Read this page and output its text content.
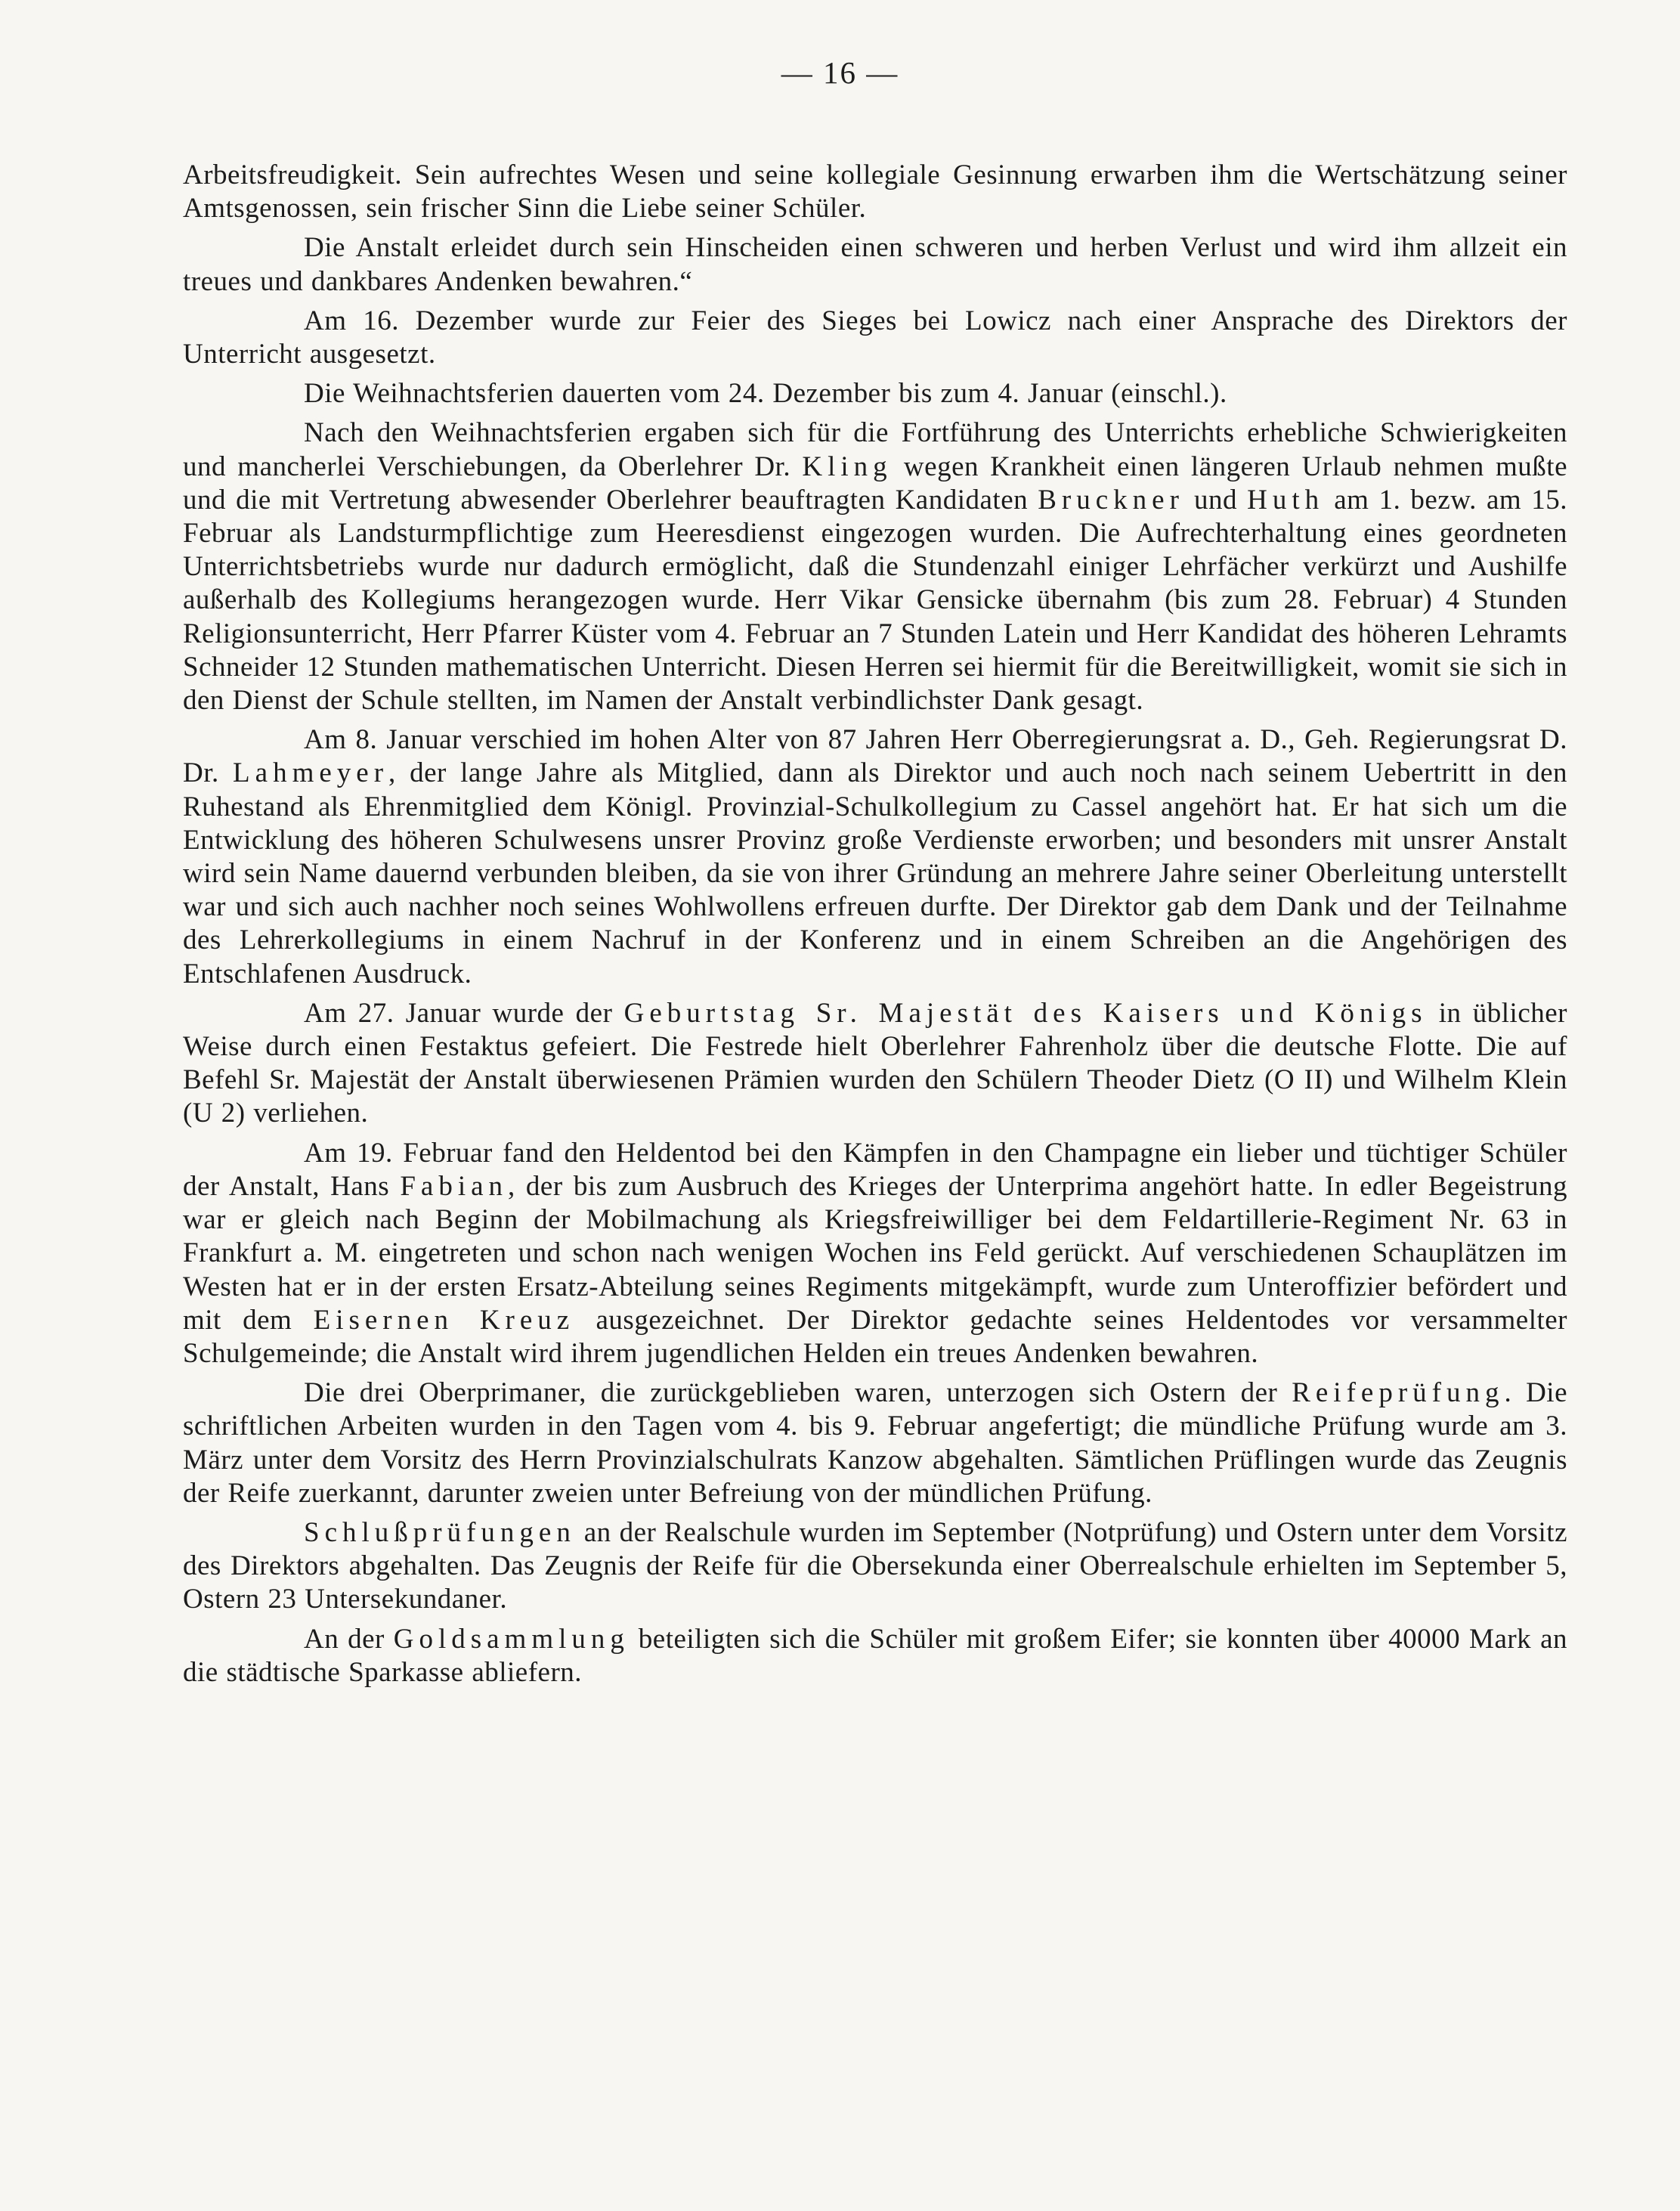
— 16 —

Arbeitsfreudigkeit. Sein aufrechtes Wesen und seine kollegiale Gesinnung erwarben ihm die Wertschätzung seiner Amtsgenossen, sein frischer Sinn die Liebe seiner Schüler.

Die Anstalt erleidet durch sein Hinscheiden einen schweren und herben Verlust und wird ihm allzeit ein treues und dankbares Andenken bewahren.“

Am 16. Dezember wurde zur Feier des Sieges bei Lowicz nach einer Ansprache des Direktors der Unterricht ausgesetzt.

Die Weihnachtsferien dauerten vom 24. Dezember bis zum 4. Januar (einschl.).

Nach den Weihnachtsferien ergaben sich für die Fortführung des Unterrichts erhebliche Schwierigkeiten und mancherlei Verschiebungen, da Oberlehrer Dr. Kling wegen Krankheit einen längeren Urlaub nehmen mußte und die mit Vertretung abwesender Oberlehrer beauftragten Kandidaten Bruckner und Huth am 1. bezw. am 15. Februar als Landsturmpflichtige zum Heeresdienst eingezogen wurden. Die Aufrechterhaltung eines geordneten Unterrichtsbetriebs wurde nur dadurch ermöglicht, daß die Stundenzahl einiger Lehrfächer verkürzt und Aushilfe außerhalb des Kollegiums herangezogen wurde. Herr Vikar Gensicke übernahm (bis zum 28. Februar) 4 Stunden Religionsunterricht, Herr Pfarrer Küster vom 4. Februar an 7 Stunden Latein und Herr Kandidat des höheren Lehramts Schneider 12 Stunden mathematischen Unterricht. Diesen Herren sei hiermit für die Bereitwilligkeit, womit sie sich in den Dienst der Schule stellten, im Namen der Anstalt verbindlichster Dank gesagt.

Am 8. Januar verschied im hohen Alter von 87 Jahren Herr Oberregierungsrat a. D., Geh. Regierungsrat D. Dr. Lahmeyer, der lange Jahre als Mitglied, dann als Direktor und auch noch nach seinem Uebertritt in den Ruhestand als Ehrenmitglied dem Königl. Provinzial-Schulkollegium zu Cassel angehört hat. Er hat sich um die Entwicklung des höheren Schulwesens unsrer Provinz große Verdienste erworben; und besonders mit unsrer Anstalt wird sein Name dauernd verbunden bleiben, da sie von ihrer Gründung an mehrere Jahre seiner Oberleitung unterstellt war und sich auch nachher noch seines Wohlwollens erfreuen durfte. Der Direktor gab dem Dank und der Teilnahme des Lehrerkollegiums in einem Nachruf in der Konferenz und in einem Schreiben an die Angehörigen des Entschlafenen Ausdruck.

Am 27. Januar wurde der Geburtstag Sr. Majestät des Kaisers und Königs in üblicher Weise durch einen Festaktus gefeiert. Die Festrede hielt Oberlehrer Fahrenholz über die deutsche Flotte. Die auf Befehl Sr. Majestät der Anstalt überwiesenen Prämien wurden den Schülern Theoder Dietz (O II) und Wilhelm Klein (U 2) verliehen.

Am 19. Februar fand den Heldentod bei den Kämpfen in den Champagne ein lieber und tüchtiger Schüler der Anstalt, Hans Fabian, der bis zum Ausbruch des Krieges der Unterprima angehört hatte. In edler Begeistrung war er gleich nach Beginn der Mobilmachung als Kriegsfreiwilliger bei dem Feldartillerie-Regiment Nr. 63 in Frankfurt a. M. eingetreten und schon nach wenigen Wochen ins Feld gerückt. Auf verschiedenen Schauplätzen im Westen hat er in der ersten Ersatz-Abteilung seines Regiments mitgekämpft, wurde zum Unteroffizier befördert und mit dem Eisernen Kreuz ausgezeichnet. Der Direktor gedachte seines Heldentodes vor versammelter Schulgemeinde; die Anstalt wird ihrem jugendlichen Helden ein treues Andenken bewahren.

Die drei Oberprimaner, die zurückgeblieben waren, unterzogen sich Ostern der Reifeprüfung. Die schriftlichen Arbeiten wurden in den Tagen vom 4. bis 9. Februar angefertigt; die mündliche Prüfung wurde am 3. März unter dem Vorsitz des Herrn Provinzialschulrats Kanzow abgehalten. Sämtlichen Prüflingen wurde das Zeugnis der Reife zuerkannt, darunter zweien unter Befreiung von der mündlichen Prüfung.

Schlußprüfungen an der Realschule wurden im September (Notprüfung) und Ostern unter dem Vorsitz des Direktors abgehalten. Das Zeugnis der Reife für die Obersekunda einer Oberrealschule erhielten im September 5, Ostern 23 Untersekundaner.

An der Goldsammlung beteiligten sich die Schüler mit großem Eifer; sie konnten über 40000 Mark an die städtische Sparkasse abliefern.
